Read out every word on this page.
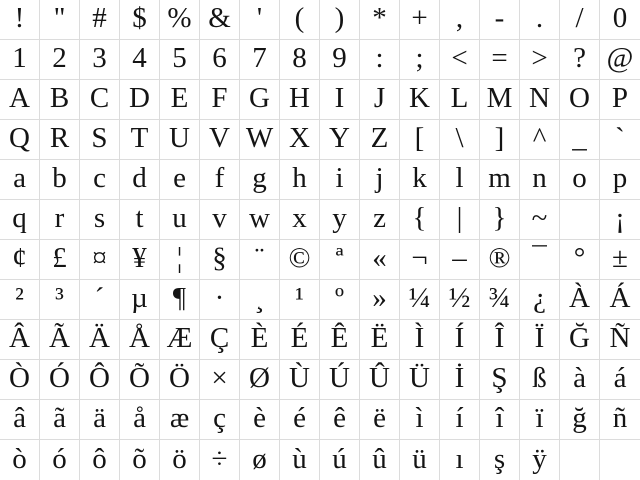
! " # $ % & ' ( ) * + , - . / 0
1 2 3 4 5 6 7 8 9 : ; < = > ? @
A B C D E F G H I J K L M N O P
Q R S T U V W X Y Z [ \ ] ^ _ `
a b c d e f g h i j k l m n o p
q r s t u v w x y z { | } ~ ¡
¢ £ ¤ ¥ ¦ § ¨ © ª « ¬ – ® ¯ ° ±
² ³ ´ µ ¶ · ¸ ¹ º » ¼ ½ ¾ ¿ À Á
Â Ã Ä Å Æ Ç È É Ê Ë Ì Í Î Ï Ğ Ñ
Ò Ó Ô Õ Ö × Ø Ù Ú Û Ü İ Ş ß à á
â ã ä å æ ç è é ê ë ì í î ï ğ ñ
ò ó ô õ ö ÷ ø ù ú û ü ı ş ÿ
